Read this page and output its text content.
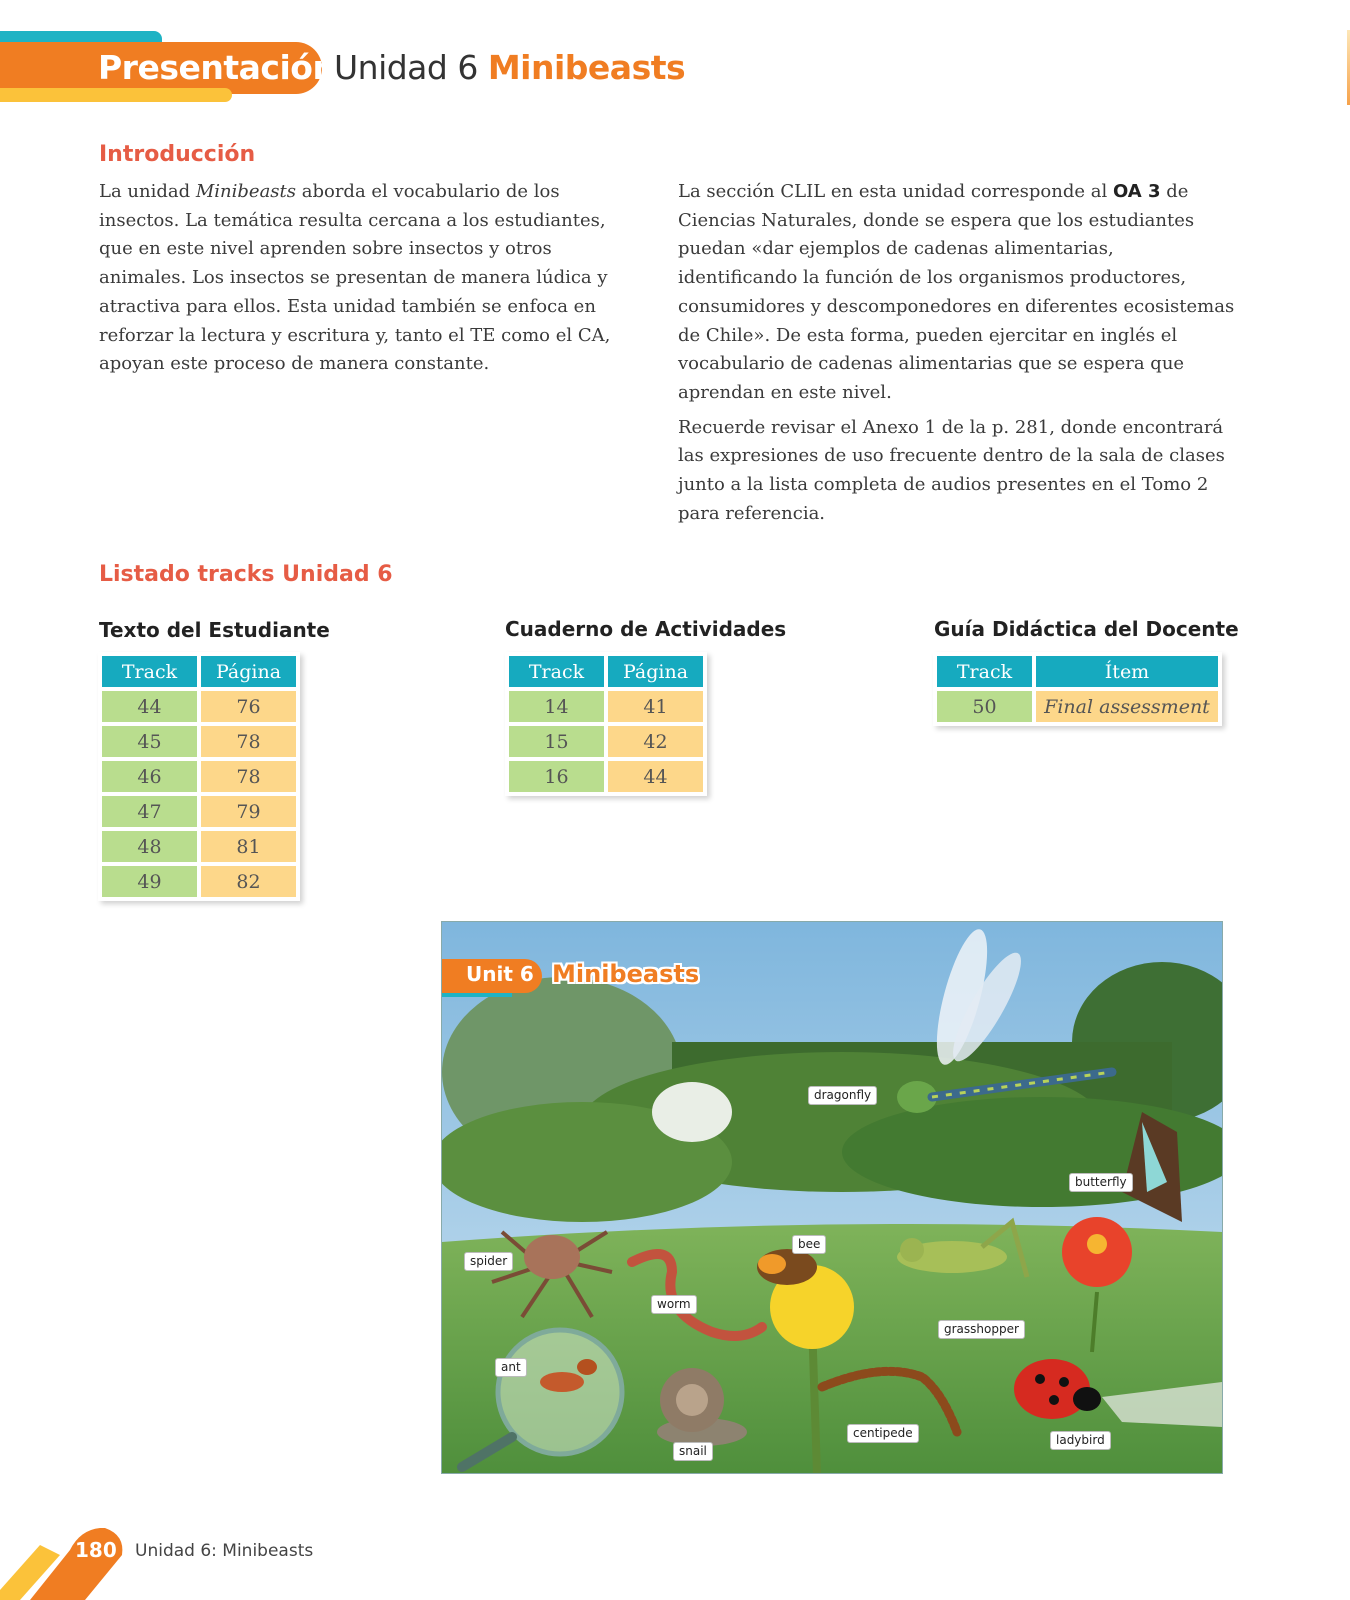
Presentación
Unidad 6 Minibeasts
Introducción

La unidad Minibeasts aborda el vocabulario de los insectos. La temática resulta cercana a los estudiantes, que en este nivel aprenden sobre insectos y otros animales. Los insectos se presentan de manera lúdica y atractiva para ellos. Esta unidad también se enfoca en reforzar la lectura y escritura y, tanto el TE como el CA, apoyan este proceso de manera constante.

La sección CLIL en esta unidad corresponde al OA 3 de Ciencias Naturales, donde se espera que los estudiantes puedan «dar ejemplos de cadenas alimentarias, identificando la función de los organismos productores, consumidores y descomponedores en diferentes ecosistemas de Chile». De esta forma, pueden ejercitar en inglés el vocabulario de cadenas alimentarias que se espera que aprendan en este nivel.

Recuerde revisar el Anexo 1 de la p. 281, donde encontrará las expresiones de uso frecuente dentro de la sala de clases junto a la lista completa de audios presentes en el Tomo 2 para referencia.

Listado tracks Unidad 6
Texto del Estudiante
Track	Página
44	76
45	78
46	78
47	79
48	81
49	82
Cuaderno de Actividades
Track	Página
14	41
15	42
16	44
Guía Didáctica del Docente
Track	Ítem
50	Final assessment
Unit 6 Minibeasts
dragonfly
butterfly
bee
spider
worm
grasshopper
ant
centipede	ladybird
snail
180 Unidad 6: Minibeasts
